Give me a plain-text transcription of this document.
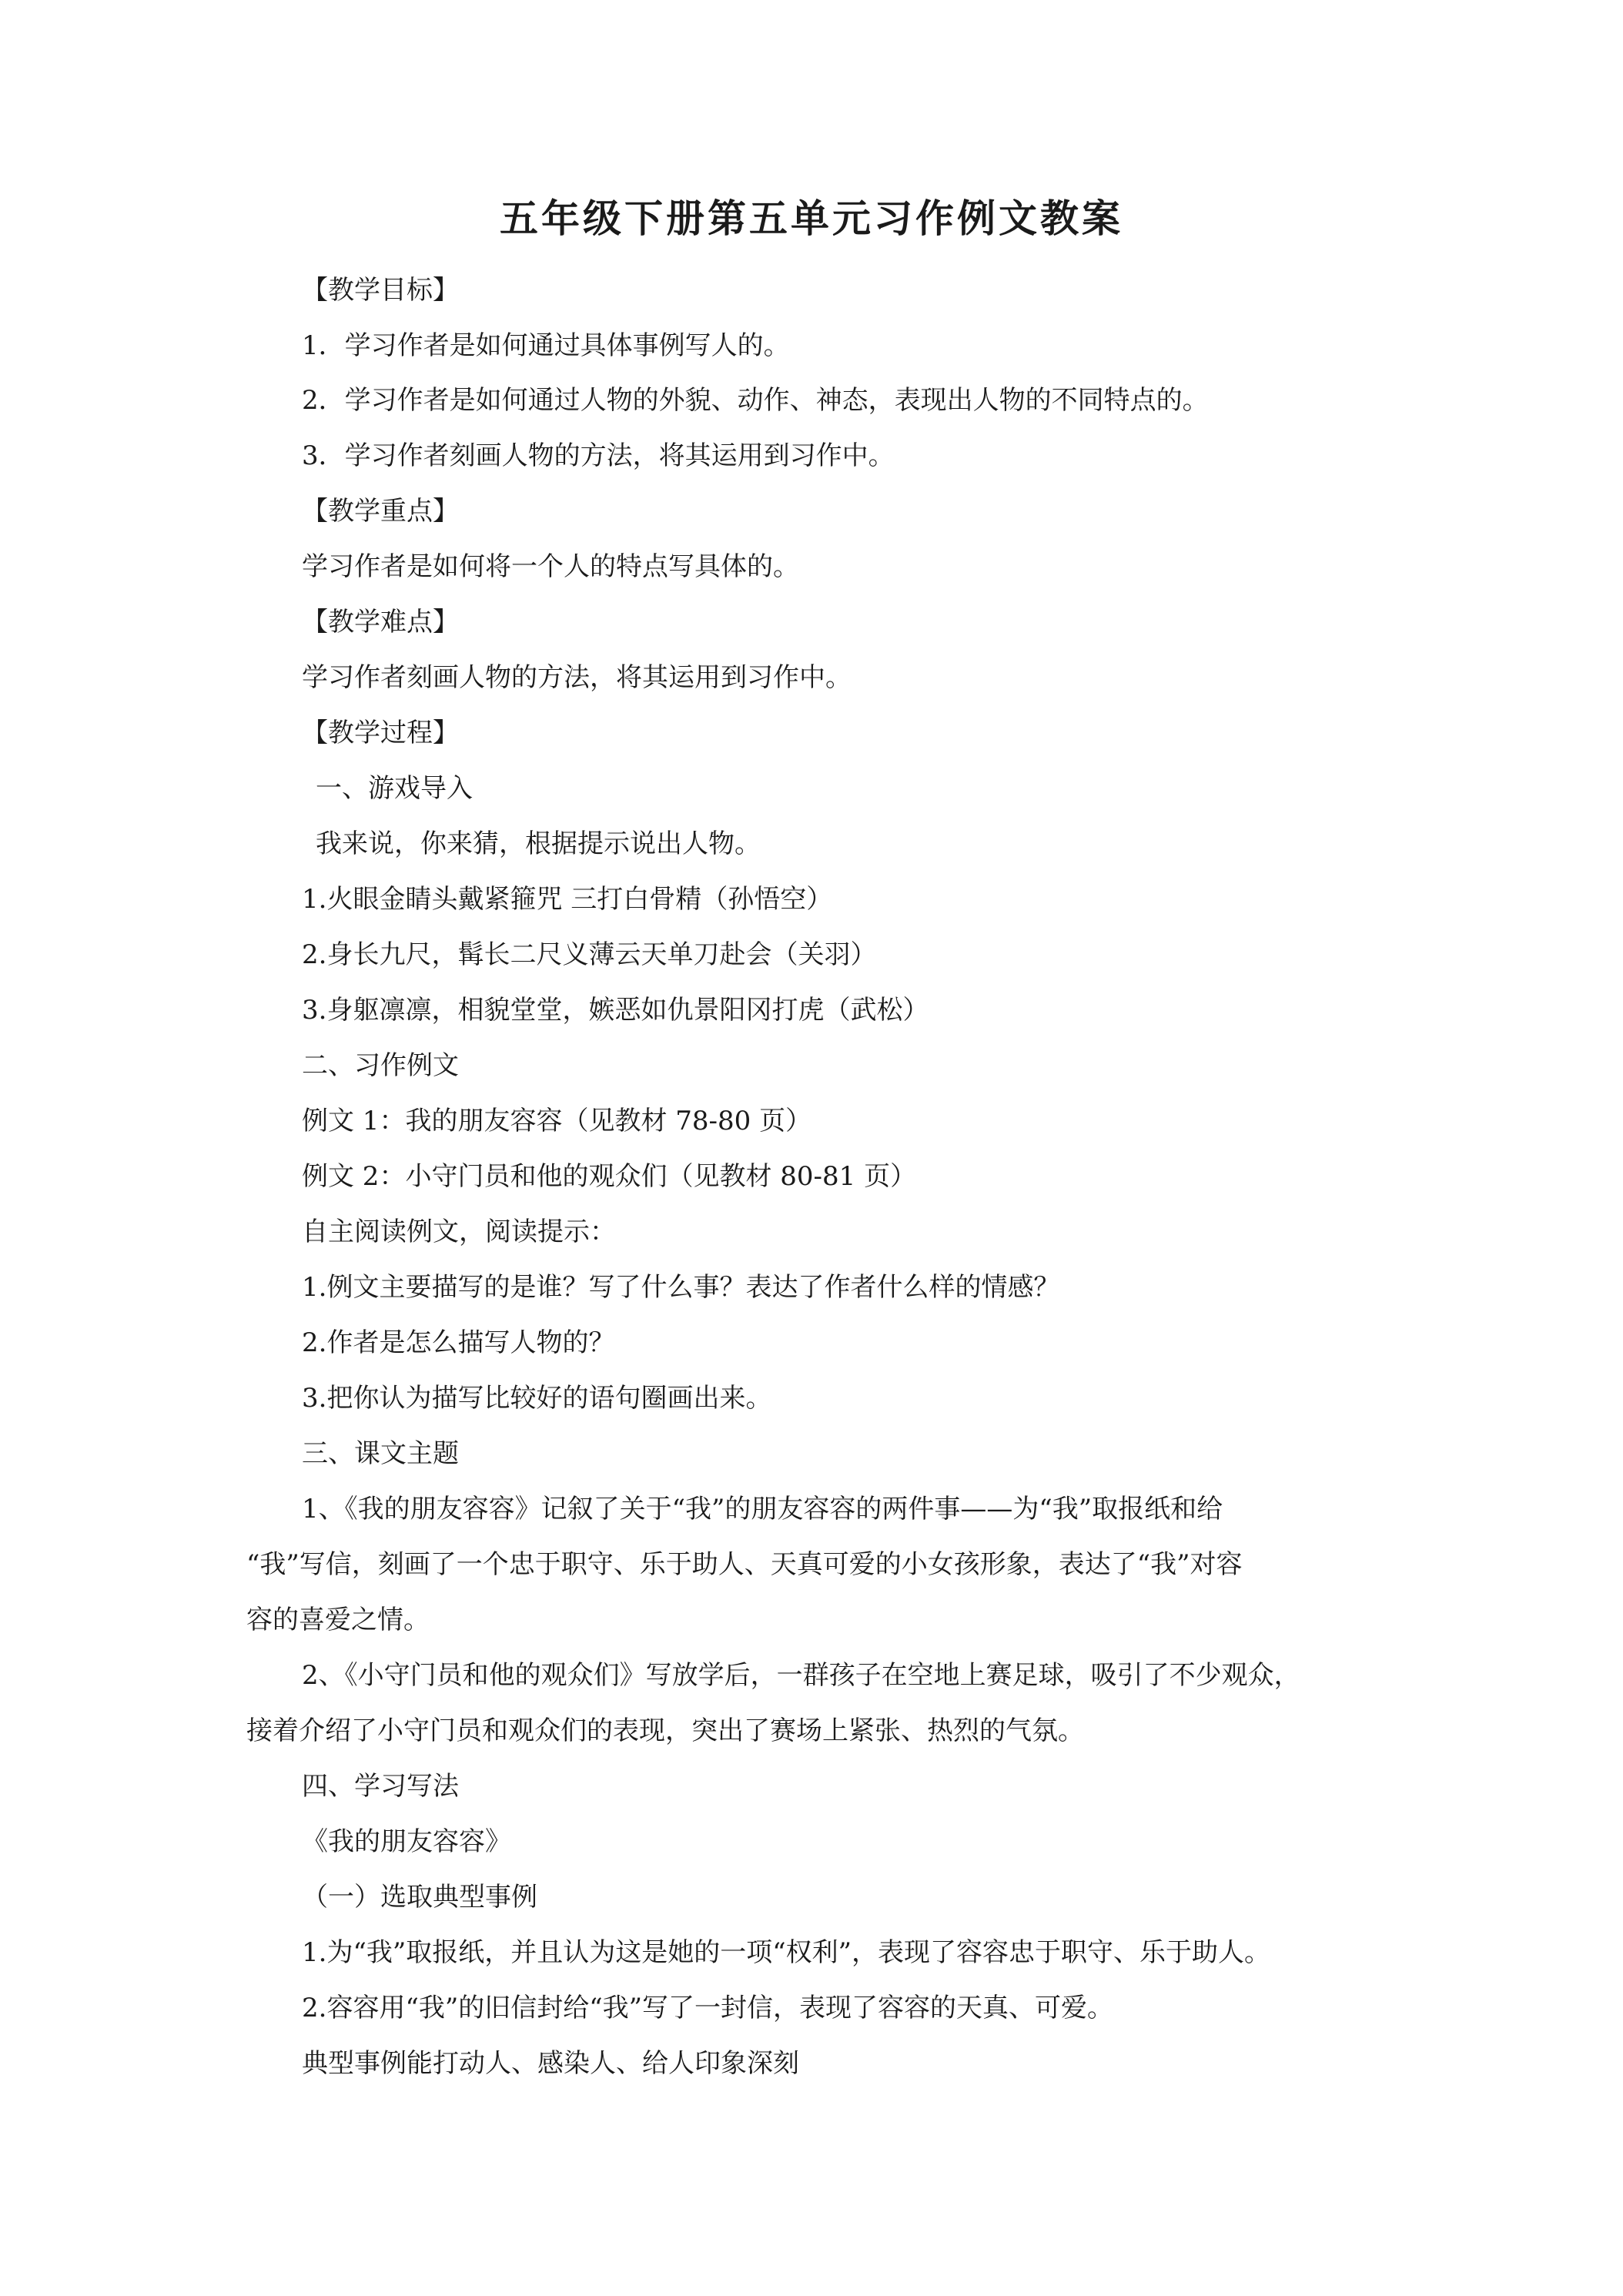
五年级下册第五单元习作例文教案
【教学目标】
1．学习作者是如何通过具体事例写人的。
2．学习作者是如何通过人物的外貌、动作、神态，表现出人物的不同特点的。
3．学习作者刻画人物的方法，将其运用到习作中。
【教学重点】
学习作者是如何将一个人的特点写具体的。
【教学难点】
学习作者刻画人物的方法，将其运用到习作中。
【教学过程】
一、游戏导入
我来说，你来猜，根据提示说出人物。
1.火眼金睛头戴紧箍咒 三打白骨精（孙悟空）
2.身长九尺，髯长二尺义薄云天单刀赴会（关羽）
3.身躯凛凛，相貌堂堂，嫉恶如仇景阳冈打虎（武松）
二、习作例文
例文 1：我的朋友容容（见教材 78-80 页）
例文 2：小守门员和他的观众们（见教材 80-81 页）
自主阅读例文，阅读提示：
1.例文主要描写的是谁？写了什么事？表达了作者什么样的情感？
2.作者是怎么描写人物的？
3.把你认为描写比较好的语句圈画出来。
三、课文主题
1、《我的朋友容容》记叙了关于“我”的朋友容容的两件事——为“我”取报纸和给
“我”写信，刻画了一个忠于职守、乐于助人、天真可爱的小女孩形象，表达了“我”对容
容的喜爱之情。
2、《小守门员和他的观众们》写放学后，一群孩子在空地上赛足球，吸引了不少观众，
接着介绍了小守门员和观众们的表现，突出了赛场上紧张、热烈的气氛。
四、学习写法
《我的朋友容容》
（一）选取典型事例
1.为“我”取报纸，并且认为这是她的一项“权利”，表现了容容忠于职守、乐于助人。
2.容容用“我”的旧信封给“我”写了一封信，表现了容容的天真、可爱。
典型事例能打动人、感染人、给人印象深刻
